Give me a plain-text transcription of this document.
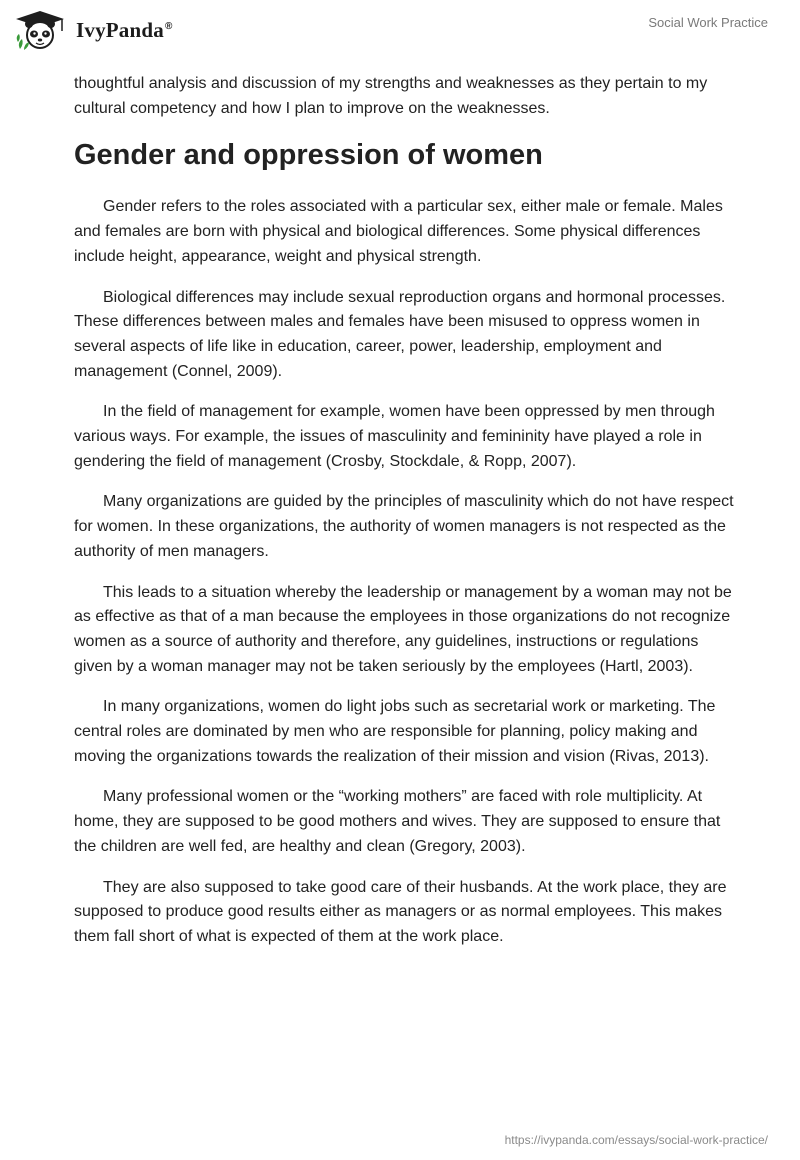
IvyPanda®	Social Work Practice

thoughtful analysis and discussion of my strengths and weaknesses as they pertain to my cultural competency and how I plan to improve on the weaknesses.

Gender and oppression of women

Gender refers to the roles associated with a particular sex, either male or female. Males and females are born with physical and biological differences. Some physical differences include height, appearance, weight and physical strength.

Biological differences may include sexual reproduction organs and hormonal processes. These differences between males and females have been misused to oppress women in several aspects of life like in education, career, power, leadership, employment and management (Connel, 2009).

In the field of management for example, women have been oppressed by men through various ways. For example, the issues of masculinity and femininity have played a role in gendering the field of management (Crosby, Stockdale, & Ropp, 2007).

Many organizations are guided by the principles of masculinity which do not have respect for women. In these organizations, the authority of women managers is not respected as the authority of men managers.

This leads to a situation whereby the leadership or management by a woman may not be as effective as that of a man because the employees in those organizations do not recognize women as a source of authority and therefore, any guidelines, instructions or regulations given by a woman manager may not be taken seriously by the employees (Hartl, 2003).

In many organizations, women do light jobs such as secretarial work or marketing. The central roles are dominated by men who are responsible for planning, policy making and moving the organizations towards the realization of their mission and vision (Rivas, 2013).

Many professional women or the “working mothers” are faced with role multiplicity. At home, they are supposed to be good mothers and wives. They are supposed to ensure that the children are well fed, are healthy and clean (Gregory, 2003).

They are also supposed to take good care of their husbands. At the work place, they are supposed to produce good results either as managers or as normal employees. This makes them fall short of what is expected of them at the work place.

https://ivypanda.com/essays/social-work-practice/
